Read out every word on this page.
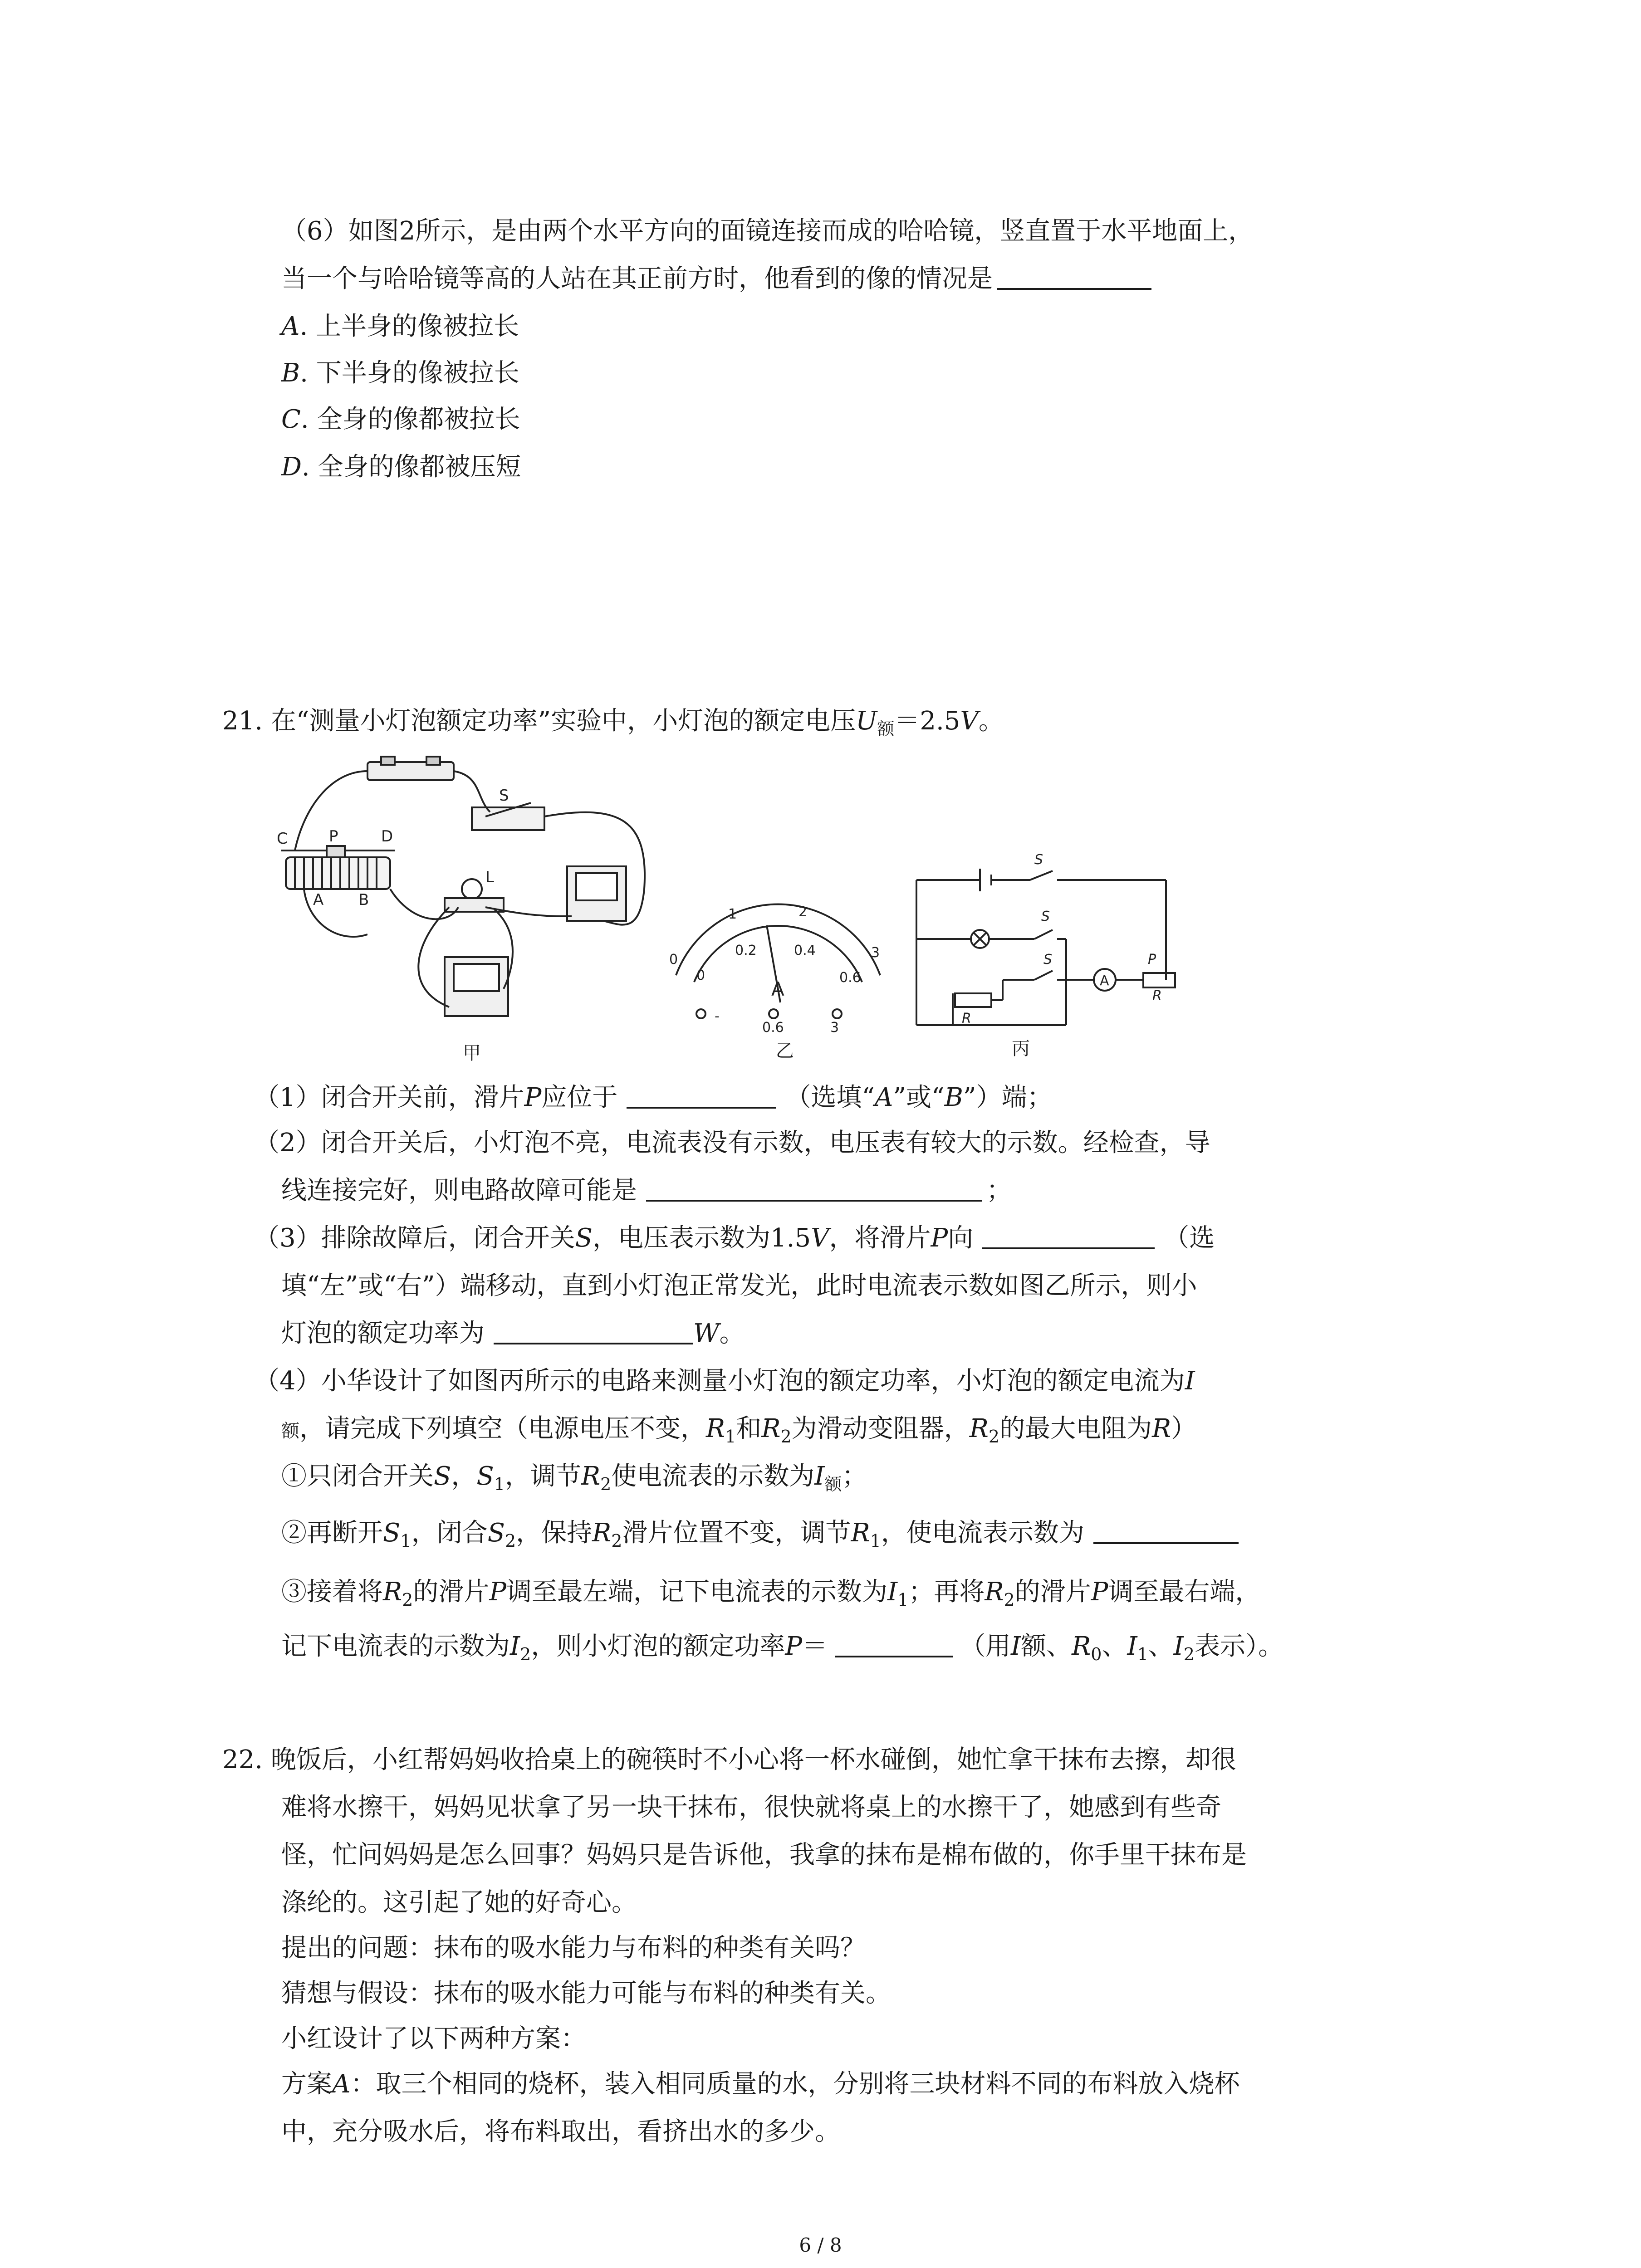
（6）如图2所示，是由两个水平方向的面镜连接而成的哈哈镜，竖直置于水平地面上，
当一个与哈哈镜等高的人站在其正前方时，他看到的像的情况是
A. 上半身的像被拉长
B. 下半身的像被拉长
C. 全身的像都被拉长
D. 全身的像都被压短
21. 在“测量小灯泡额定功率”实验中，小灯泡的额定电压$U_额=2.5V$。
C	P	D
A B
S
L
甲
0
1	2
3
0
0.2	0.4
0.6
A
-
0.6	3
乙
S
S
S
A
P
R
R
丙
（1）闭合开关前，滑片P应位于	（选填“A”或“B”）端；
（2）闭合开关后，小灯泡不亮，电流表没有示数，电压表有较大的示数。经检查，导
线连接完好，则电路故障可能是	；
（3）排除故障后，闭合开关S，电压表示数为1.5V，将滑片P向	（选
填“左”或“右”）端移动，直到小灯泡正常发光，此时电流表示数如图乙所示，则小
灯泡的额定功率为	W。
（4）小华设计了如图丙所示的电路来测量小灯泡的额定功率，小灯泡的额定电流为I
额，请完成下列填空（电源电压不变，$R_1$和$R_2$为滑动变阻器，$R_2$的最大电阻为R）
①只闭合开关S，$S_1$，调节$R_2$使电流表的示数为$I_额$；
②再断开$S_1$，闭合$S_2$，保持$R_2$滑片位置不变，调节$R_1$，使电流表示数为
③接着将$R_2$的滑片P调至最左端，记下电流表的示数为$I_1$；再将$R_2$的滑片P调至最右端，
记下电流表的示数为$I_2$，则小灯泡的额定功率P＝	（用I额、$R_0$、$I_1$、$I_2$表示）。
22. 晚饭后，小红帮妈妈收拾桌上的碗筷时不小心将一杯水碰倒，她忙拿干抹布去擦，却很
难将水擦干，妈妈见状拿了另一块干抹布，很快就将桌上的水擦干了，她感到有些奇
怪，忙问妈妈是怎么回事？妈妈只是告诉他，我拿的抹布是棉布做的，你手里干抹布是
涤纶的。这引起了她的好奇心。
提出的问题：抹布的吸水能力与布料的种类有关吗？
猜想与假设：抹布的吸水能力可能与布料的种类有关。
小红设计了以下两种方案：
方案A：取三个相同的烧杯，装入相同质量的水，分别将三块材料不同的布料放入烧杯
中，充分吸水后，将布料取出，看挤出水的多少。
6 / 8
